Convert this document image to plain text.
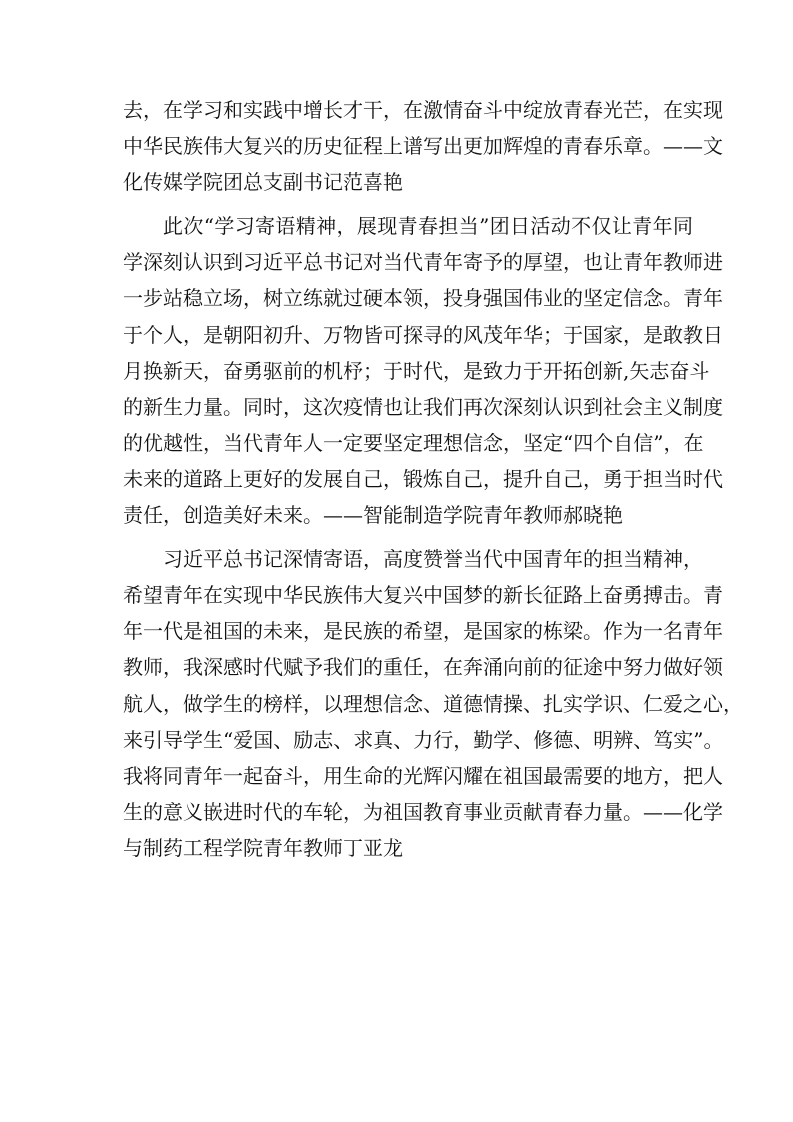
去，在学习和实践中增长才干，在激情奋斗中绽放青春光芒，在实现
中华民族伟大复兴的历史征程上谱写出更加辉煌的青春乐章。——文
化传媒学院团总支副书记范喜艳
此次“学习寄语精神，展现青春担当”团日活动不仅让青年同
学深刻认识到习近平总书记对当代青年寄予的厚望，也让青年教师进
一步站稳立场，树立练就过硬本领，投身强国伟业的坚定信念。青年
于个人，是朝阳初升、万物皆可探寻的风茂年华；于国家，是敢教日
月换新天，奋勇驱前的机杼；于时代，是致力于开拓创新,矢志奋斗
的新生力量。同时，这次疫情也让我们再次深刻认识到社会主义制度
的优越性，当代青年人一定要坚定理想信念，坚定“四个自信”，在
未来的道路上更好的发展自己，锻炼自己，提升自己，勇于担当时代
责任，创造美好未来。——智能制造学院青年教师郝晓艳
习近平总书记深情寄语，高度赞誉当代中国青年的担当精神，
希望青年在实现中华民族伟大复兴中国梦的新长征路上奋勇搏击。青
年一代是祖国的未来，是民族的希望，是国家的栋梁。作为一名青年
教师，我深感时代赋予我们的重任，在奔涌向前的征途中努力做好领
航人，做学生的榜样，以理想信念、道德情操、扎实学识、仁爱之心，
来引导学生“爱国、励志、求真、力行，勤学、修德、明辨、笃实”。
我将同青年一起奋斗，用生命的光辉闪耀在祖国最需要的地方，把人
生的意义嵌进时代的车轮，为祖国教育事业贡献青春力量。——化学
与制药工程学院青年教师丁亚龙
